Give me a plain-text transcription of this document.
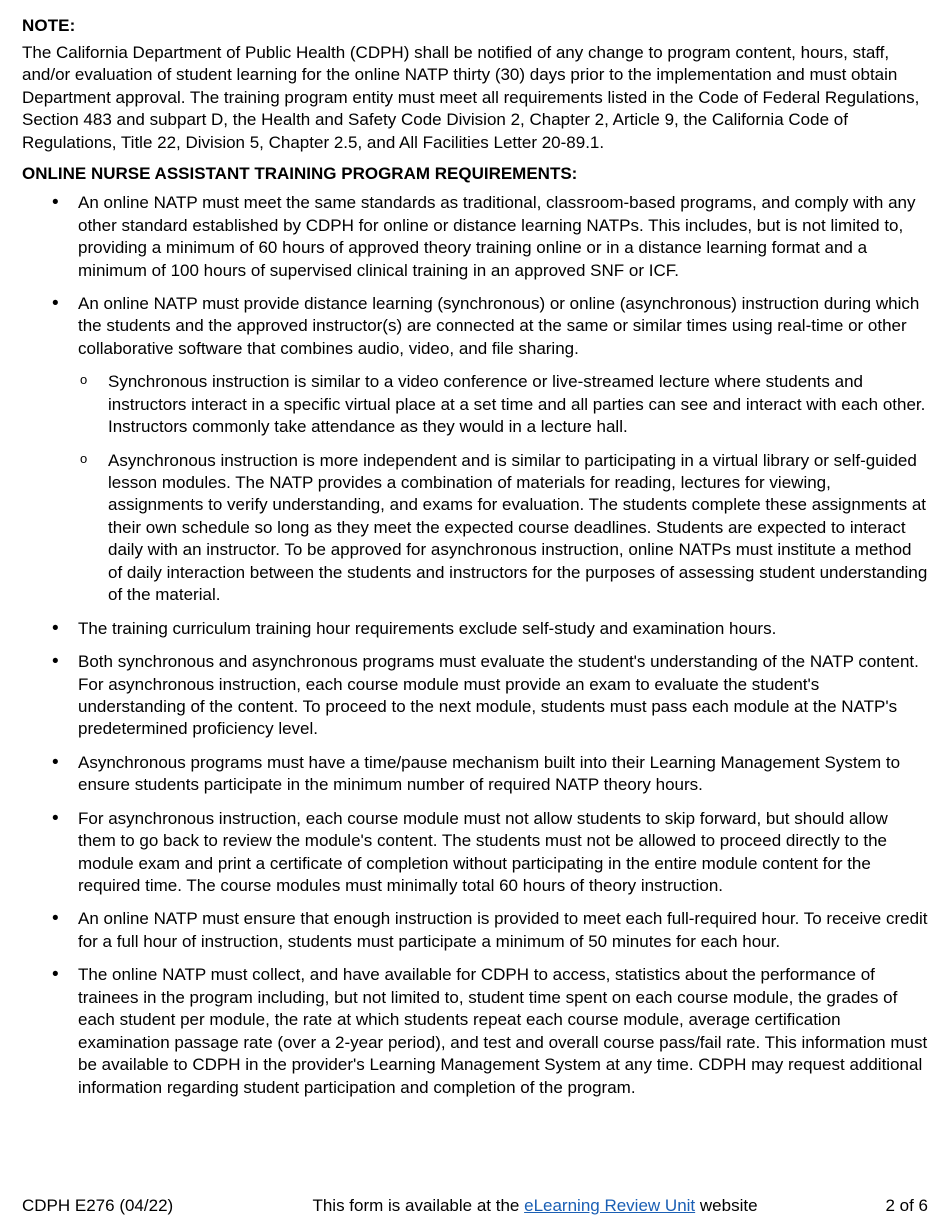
NOTE:

The California Department of Public Health (CDPH) shall be notified of any change to program content, hours, staff, and/or evaluation of student learning for the online NATP thirty (30) days prior to the implementation and must obtain Department approval. The training program entity must meet all requirements listed in the Code of Federal Regulations, Section 483 and subpart D, the Health and Safety Code Division 2, Chapter 2, Article 9, the California Code of Regulations, Title 22, Division 5, Chapter 2.5, and All Facilities Letter 20-89.1.

ONLINE NURSE ASSISTANT TRAINING PROGRAM REQUIREMENTS:
• An online NATP must meet the same standards as traditional, classroom-based programs, and comply with any other standard established by CDPH for online or distance learning NATPs. This includes, but is not limited to, providing a minimum of 60 hours of approved theory training online or in a distance learning format and a minimum of 100 hours of supervised clinical training in an approved SNF or ICF.
• An online NATP must provide distance learning (synchronous) or online (asynchronous) instruction during which the students and the approved instructor(s) are connected at the same or similar times using real-time or other collaborative software that combines audio, video, and file sharing.
o Synchronous instruction is similar to a video conference or live-streamed lecture where students and instructors interact in a specific virtual place at a set time and all parties can see and interact with each other. Instructors commonly take attendance as they would in a lecture hall.
o Asynchronous instruction is more independent and is similar to participating in a virtual library or self-guided lesson modules. The NATP provides a combination of materials for reading, lectures for viewing, assignments to verify understanding, and exams for evaluation. The students complete these assignments at their own schedule so long as they meet the expected course deadlines. Students are expected to interact daily with an instructor. To be approved for asynchronous instruction, online NATPs must institute a method of daily interaction between the students and instructors for the purposes of assessing student understanding of the material.
• The training curriculum training hour requirements exclude self-study and examination hours.
• Both synchronous and asynchronous programs must evaluate the student's understanding of the NATP content. For asynchronous instruction, each course module must provide an exam to evaluate the student's understanding of the content. To proceed to the next module, students must pass each module at the NATP's predetermined proficiency level.
• Asynchronous programs must have a time/pause mechanism built into their Learning Management System to ensure students participate in the minimum number of required NATP theory hours.
• For asynchronous instruction, each course module must not allow students to skip forward, but should allow them to go back to review the module's content. The students must not be allowed to proceed directly to the module exam and print a certificate of completion without participating in the entire module content for the required time. The course modules must minimally total 60 hours of theory instruction.
• An online NATP must ensure that enough instruction is provided to meet each full-required hour. To receive credit for a full hour of instruction, students must participate a minimum of 50 minutes for each hour.
• The online NATP must collect, and have available for CDPH to access, statistics about the performance of trainees in the program including, but not limited to, student time spent on each course module, the grades of each student per module, the rate at which students repeat each course module, average certification examination passage rate (over a 2-year period), and test and overall course pass/fail rate. This information must be available to CDPH in the provider's Learning Management System at any time. CDPH may request additional information regarding student participation and completion of the program.
CDPH E276 (04/22)	This form is available at the eLearning Review Unit website	2 of 6
